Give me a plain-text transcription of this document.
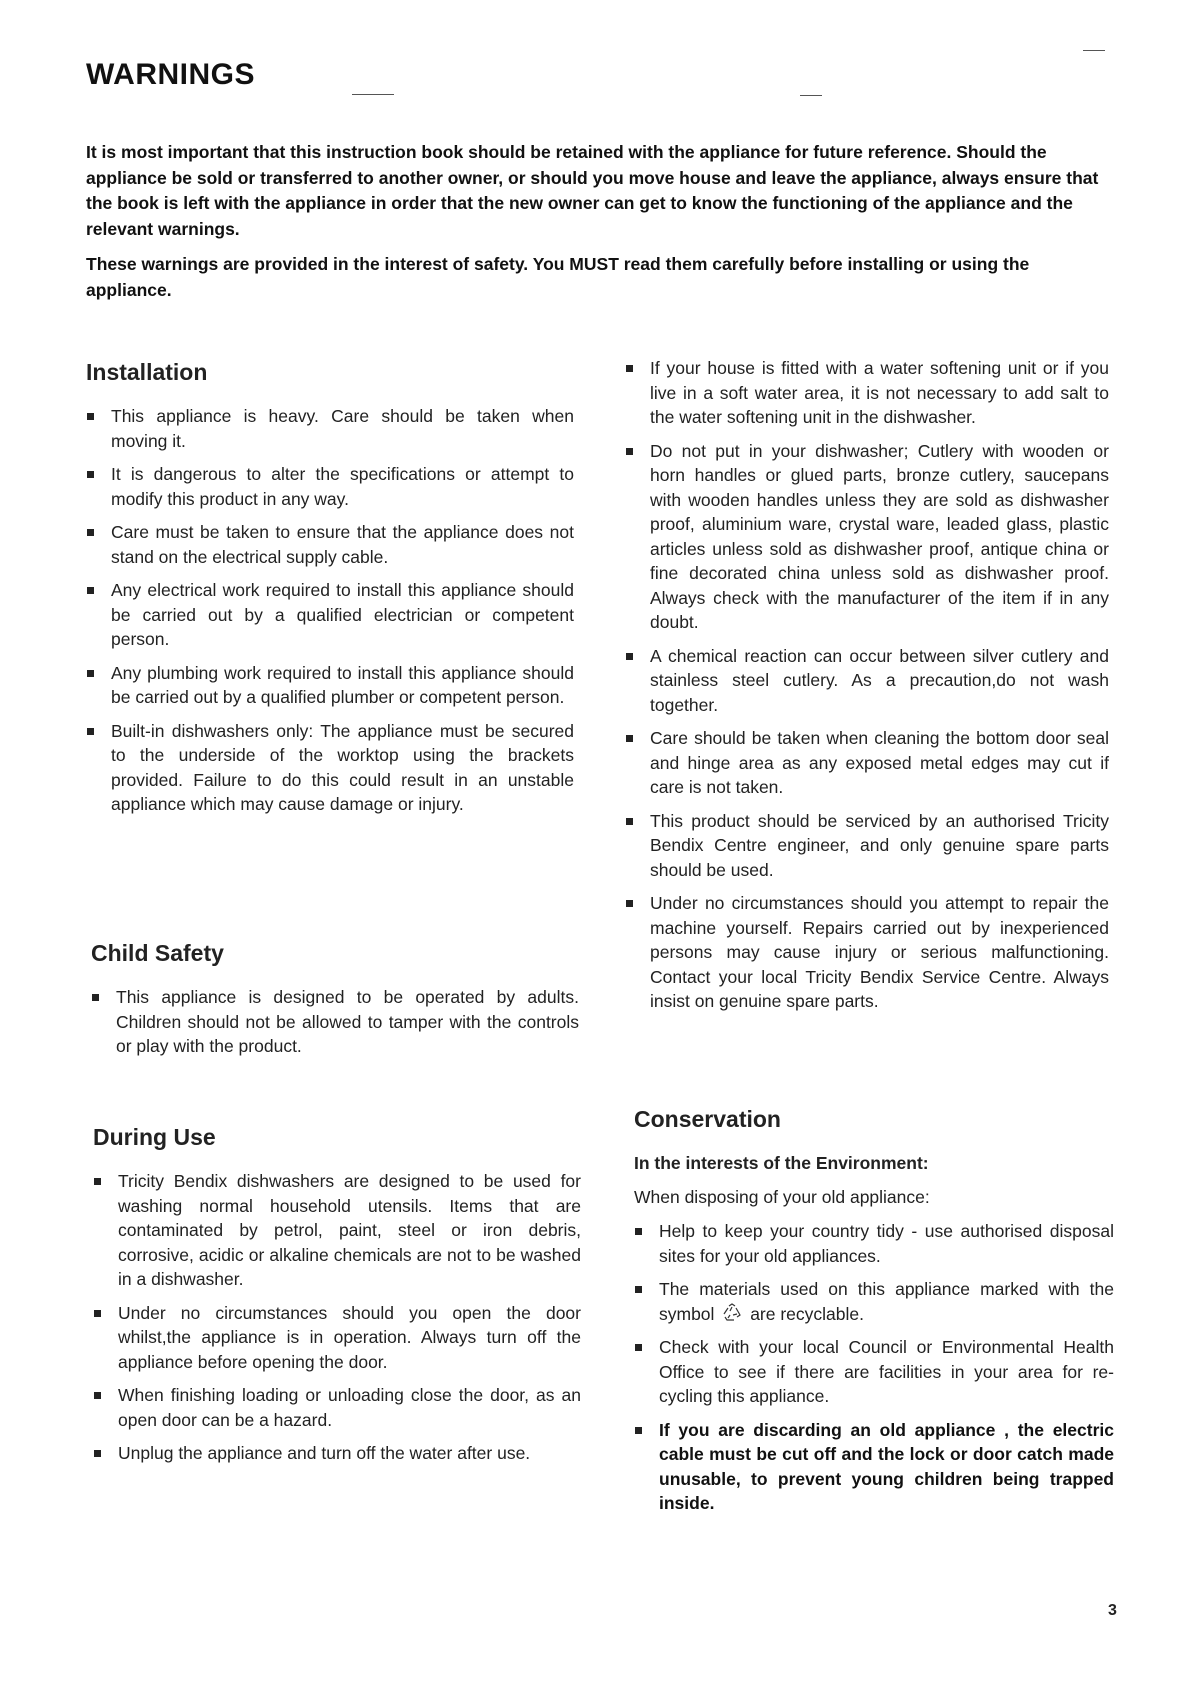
WARNINGS

It is most important that this instruction book should be retained with the appliance for future reference. Should the appliance be sold or transferred to another owner, or should you move house and leave the appliance, always ensure that the book is left with the appliance in order that the new owner can get to know the functioning of the appliance and the relevant warnings.

These warnings are provided in the interest of safety. You MUST read them carefully before installing or using the appliance.

Installation
This appliance is heavy. Care should be taken when moving it.
It is dangerous to alter the specifications or attempt to modify this product in any way.
Care must be taken to ensure that the appliance does not stand on the electrical supply cable.
Any electrical work required to install this appliance should be carried out by a qualified electrician or competent person.
Any plumbing work required to install this appliance should be carried out by a qualified plumber or competent person.
Built-in dishwashers only: The appliance must be secured to the underside of the worktop using the brackets provided. Failure to do this could result in an unstable appliance which may cause damage or injury.
Child Safety
This appliance is designed to be operated by adults. Children should not be allowed to tamper with the controls or play with the product.
During Use
Tricity Bendix dishwashers are designed to be used for washing normal household utensils. Items that are contaminated by petrol, paint, steel or iron debris, corrosive, acidic or alkaline chemicals are not to be washed in a dishwasher.
Under no circumstances should you open the door whilst,the appliance is in operation. Always turn off the appliance before opening the door.
When finishing loading or unloading close the door, as an open door can be a hazard.
Unplug the appliance and turn off the water after use.
If your house is fitted with a water softening unit or if you live in a soft water area, it is not necessary to add salt to the water softening unit in the dishwasher.
Do not put in your dishwasher; Cutlery with wooden or horn handles or glued parts, bronze cutlery, saucepans with wooden handles unless they are sold as dishwasher proof, aluminium ware, crystal ware, leaded glass, plastic articles unless sold as dishwasher proof, antique china or fine decorated china unless sold as dishwasher proof. Always check with the manufacturer of the item if in any doubt.
A chemical reaction can occur between silver cutlery and stainless steel cutlery. As a precaution,do not wash together.
Care should be taken when cleaning the bottom door seal and hinge area as any exposed metal edges may cut if care is not taken.
This product should be serviced by an authorised Tricity Bendix Centre engineer, and only genuine spare parts should be used.
Under no circumstances should you attempt to repair the machine yourself. Repairs carried out by inexperienced persons may cause injury or serious malfunctioning. Contact your local Tricity Bendix Service Centre. Always insist on genuine spare parts.
Conservation

In the interests of the Environment:

When disposing of your old appliance:

Help to keep your country tidy - use authorised disposal sites for your old appliances.
The materials used on this appliance marked with the symbol are recyclable.
Check with your local Council or Environmental Health Office to see if there are facilities in your area for re-cycling this appliance.
If you are discarding an old appliance , the electric cable must be cut off and the lock or door catch made unusable, to prevent young children being trapped inside.
3
